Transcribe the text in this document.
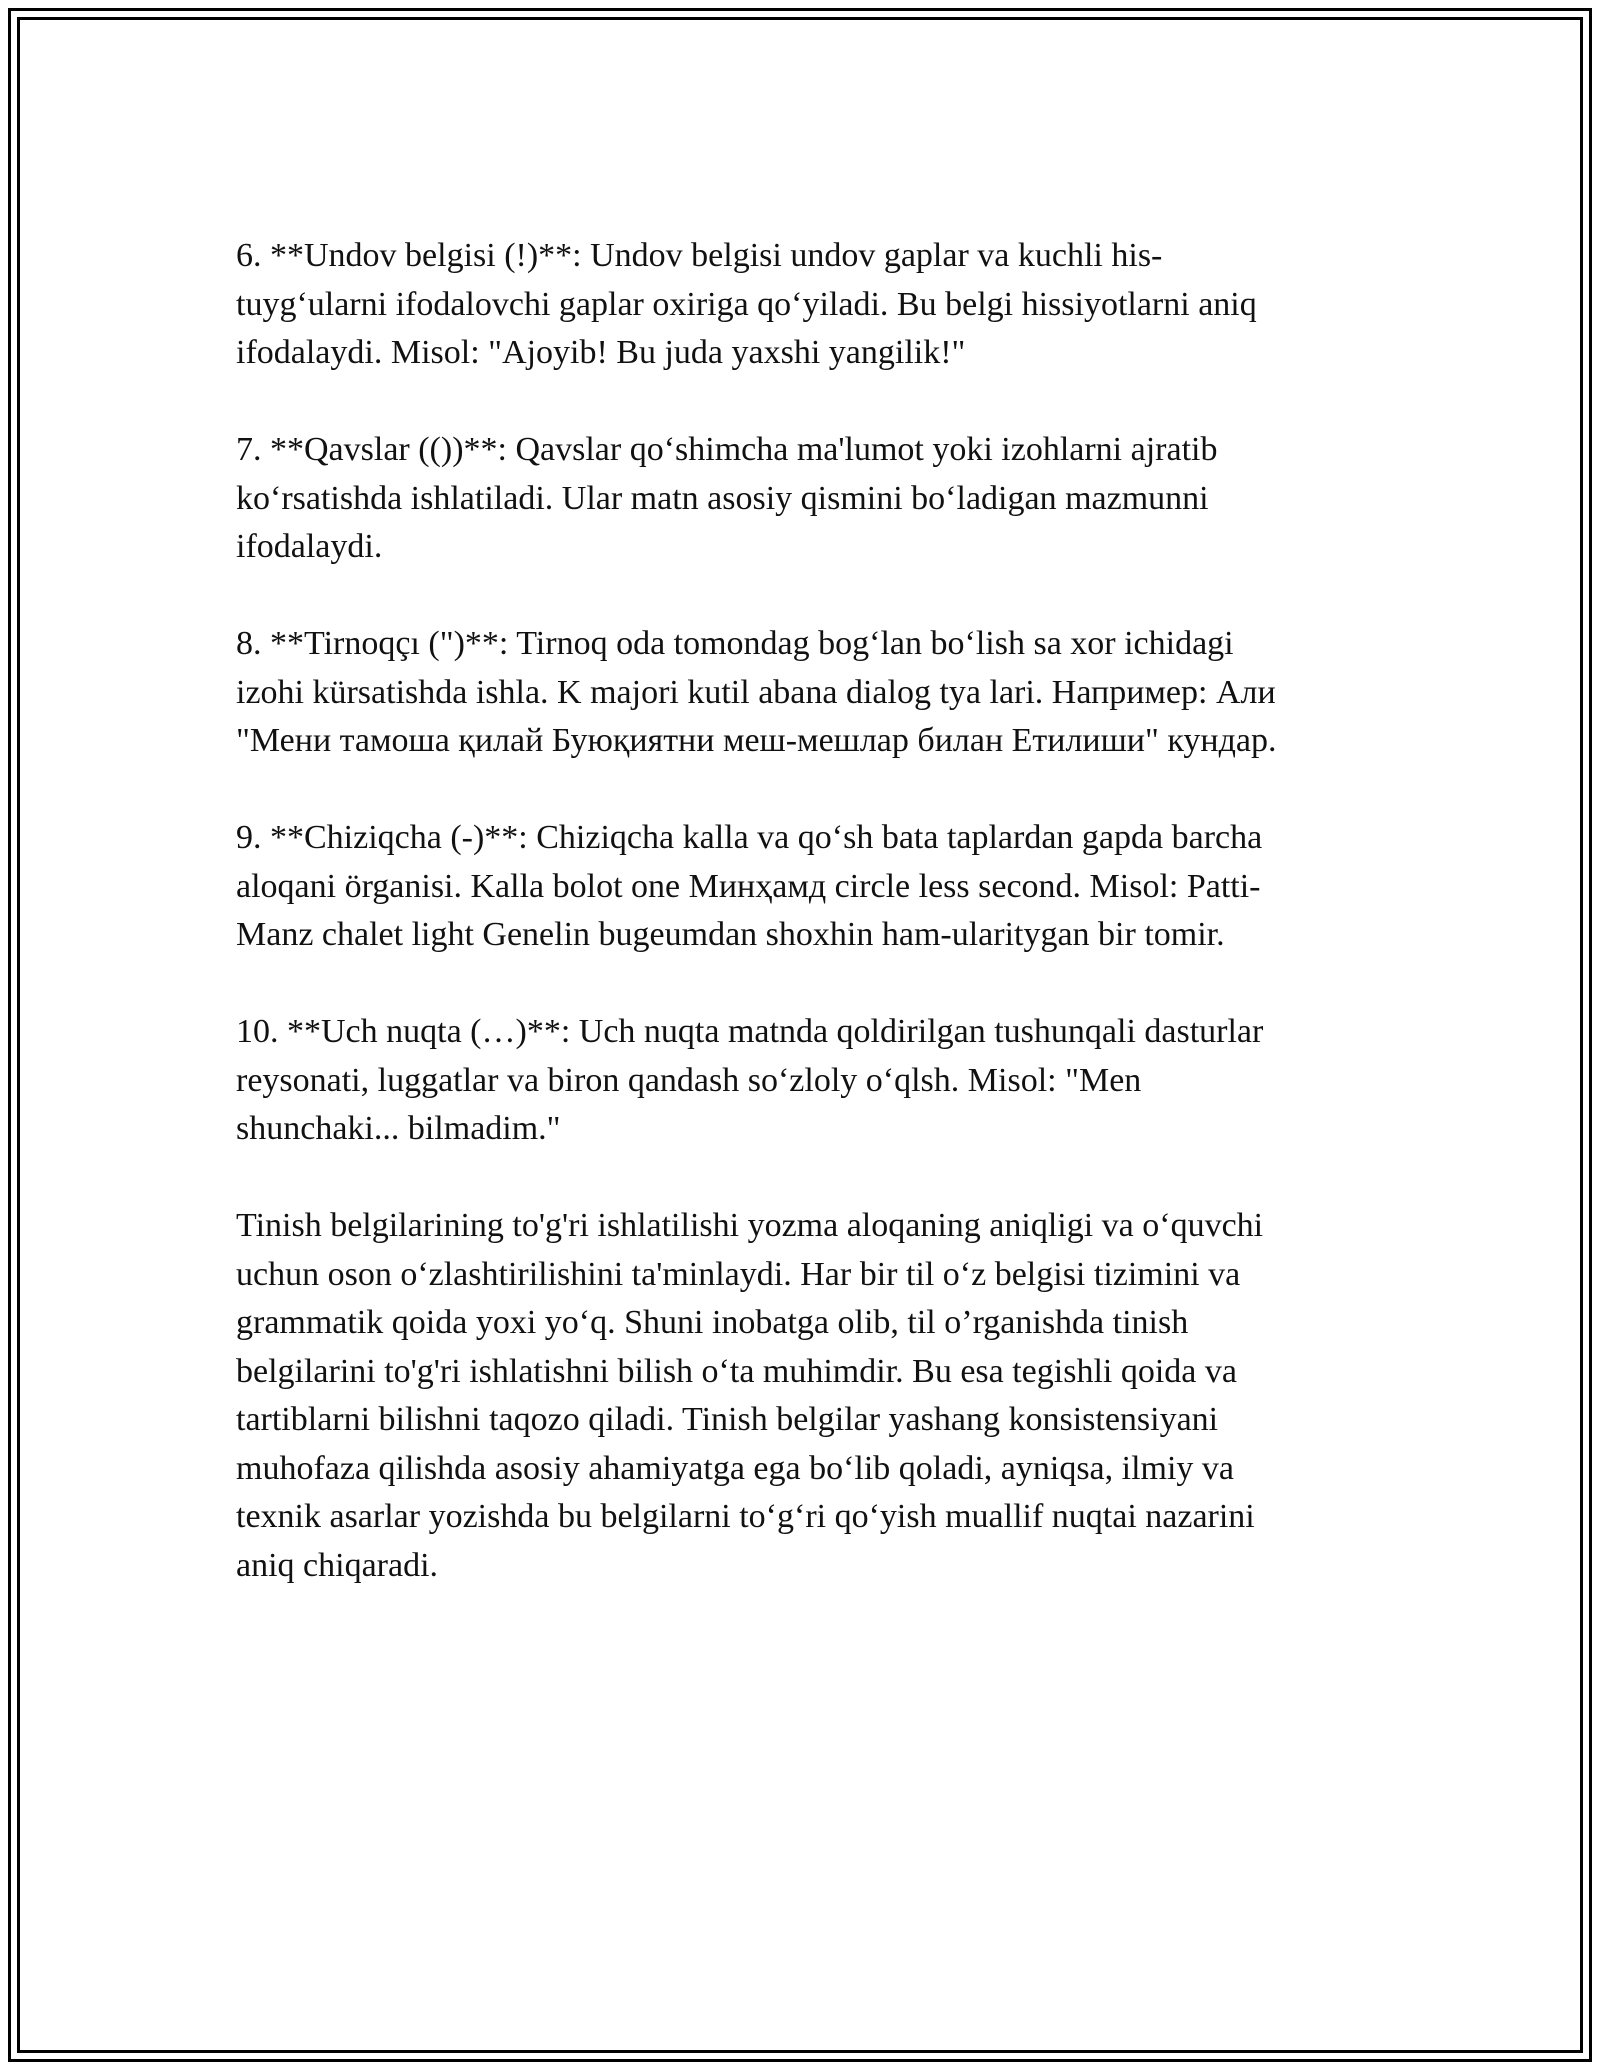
6. **Undov belgisi (!)**: Undov belgisi undov gaplar va kuchli his-
tuyg‘ularni ifodalovchi gaplar oxiriga qo‘yiladi. Bu belgi hissiyotlarni aniq
ifodalaydi. Misol: "Ajoyib! Bu juda yaxshi yangilik!"

7. **Qavslar (())**: Qavslar qo‘shimcha ma'lumot yoki izohlarni ajratib
ko‘rsatishda ishlatiladi. Ular matn asosiy qismini bo‘ladigan mazmunni
ifodalaydi.

8. **Tirnoqçı (")**: Tirnoq oda tomondag bog‘lan bo‘lish sa xor ichidagi
izohi kürsatishda ishla. K majori kutil abana dialog tya lari. Например: Али
"Мени тамоша қилай Буюқиятни меш-мешлар билан Етилиши" кундар.

9. **Chiziqcha (-)**: Chiziqcha kalla va qo‘sh bata taplardan gapda barcha
aloqani örganisi. Kalla bolot one Минҳамд circle less second. Misol: Patti-
Manz chalet light Genelin bugeumdan shoxhin ham-ularitygan bir tomir.

10. **Uch nuqta (…)**: Uch nuqta matnda qoldirilgan tushunqali dasturlar
reysonati, luggatlar va biron qandash so‘zloly o‘qlsh. Misol: "Men
shunchaki... bilmadim."

Tinish belgilarining to'g'ri ishlatilishi yozma aloqaning aniqligi va o‘quvchi
uchun oson o‘zlashtirilishini ta'minlaydi. Har bir til o‘z belgisi tizimini va
grammatik qoida yoxi yo‘q. Shuni inobatga olib, til o’rganishda tinish
belgilarini to'g'ri ishlatishni bilish o‘ta muhimdir. Bu esa tegishli qoida va
tartiblarni bilishni taqozo qiladi. Tinish belgilar yashang konsistensiyani
muhofaza qilishda asosiy ahamiyatga ega bo‘lib qoladi, ayniqsa, ilmiy va
texnik asarlar yozishda bu belgilarni to‘g‘ri qo‘yish muallif nuqtai nazarini
aniq chiqaradi.
